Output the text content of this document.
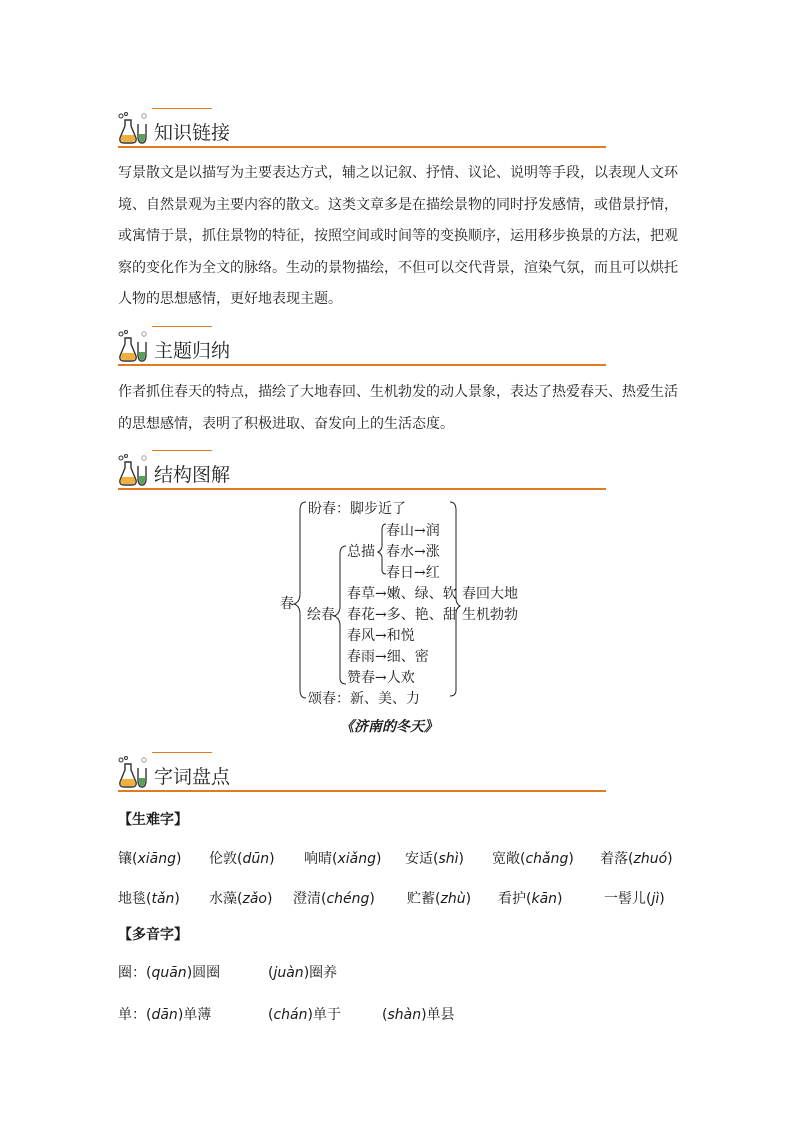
知识链接
写景散文是以描写为主要表达方式，辅之以记叙、抒情、议论、说明等手段，以表现人文环
境、自然景观为主要内容的散文。这类文章多是在描绘景物的同时抒发感情，或借景抒情，
或寓情于景，抓住景物的特征，按照空间或时间等的变换顺序，运用移步换景的方法，把观
察的变化作为全文的脉络。生动的景物描绘，不但可以交代背景，渲染气氛，而且可以烘托
人物的思想感情，更好地表现主题。
主题归纳
作者抓住春天的特点，描绘了大地春回、生机勃发的动人景象，表达了热爱春天、热爱生活
的思想感情，表明了积极进取、奋发向上的生活态度。
结构图解
春
盼春：脚步近了
绘春
总描
春山→润
春水→涨
春日→红
春草→嫩、绿、软
春花→多、艳、甜
春风→和悦
春雨→细、密
赞春→人欢
颂春：新、美、力
春回大地
生机勃勃
《济南的冬天》
字词盘点
【生难字】
镶(xiāng) 伦敦(dūn) 响晴(xiǎng) 安适(shì) 宽敞(chǎng) 着落(zhuó)
地毯(tǎn) 水藻(zǎo) 澄清(chéng) 贮蓄(zhù) 看护(kān)	一髻儿(jì)
【多音字】
圈：(quān)圆圈	(juàn)圈养
单：(dān)单薄	(chán)单于	(shàn)单县
